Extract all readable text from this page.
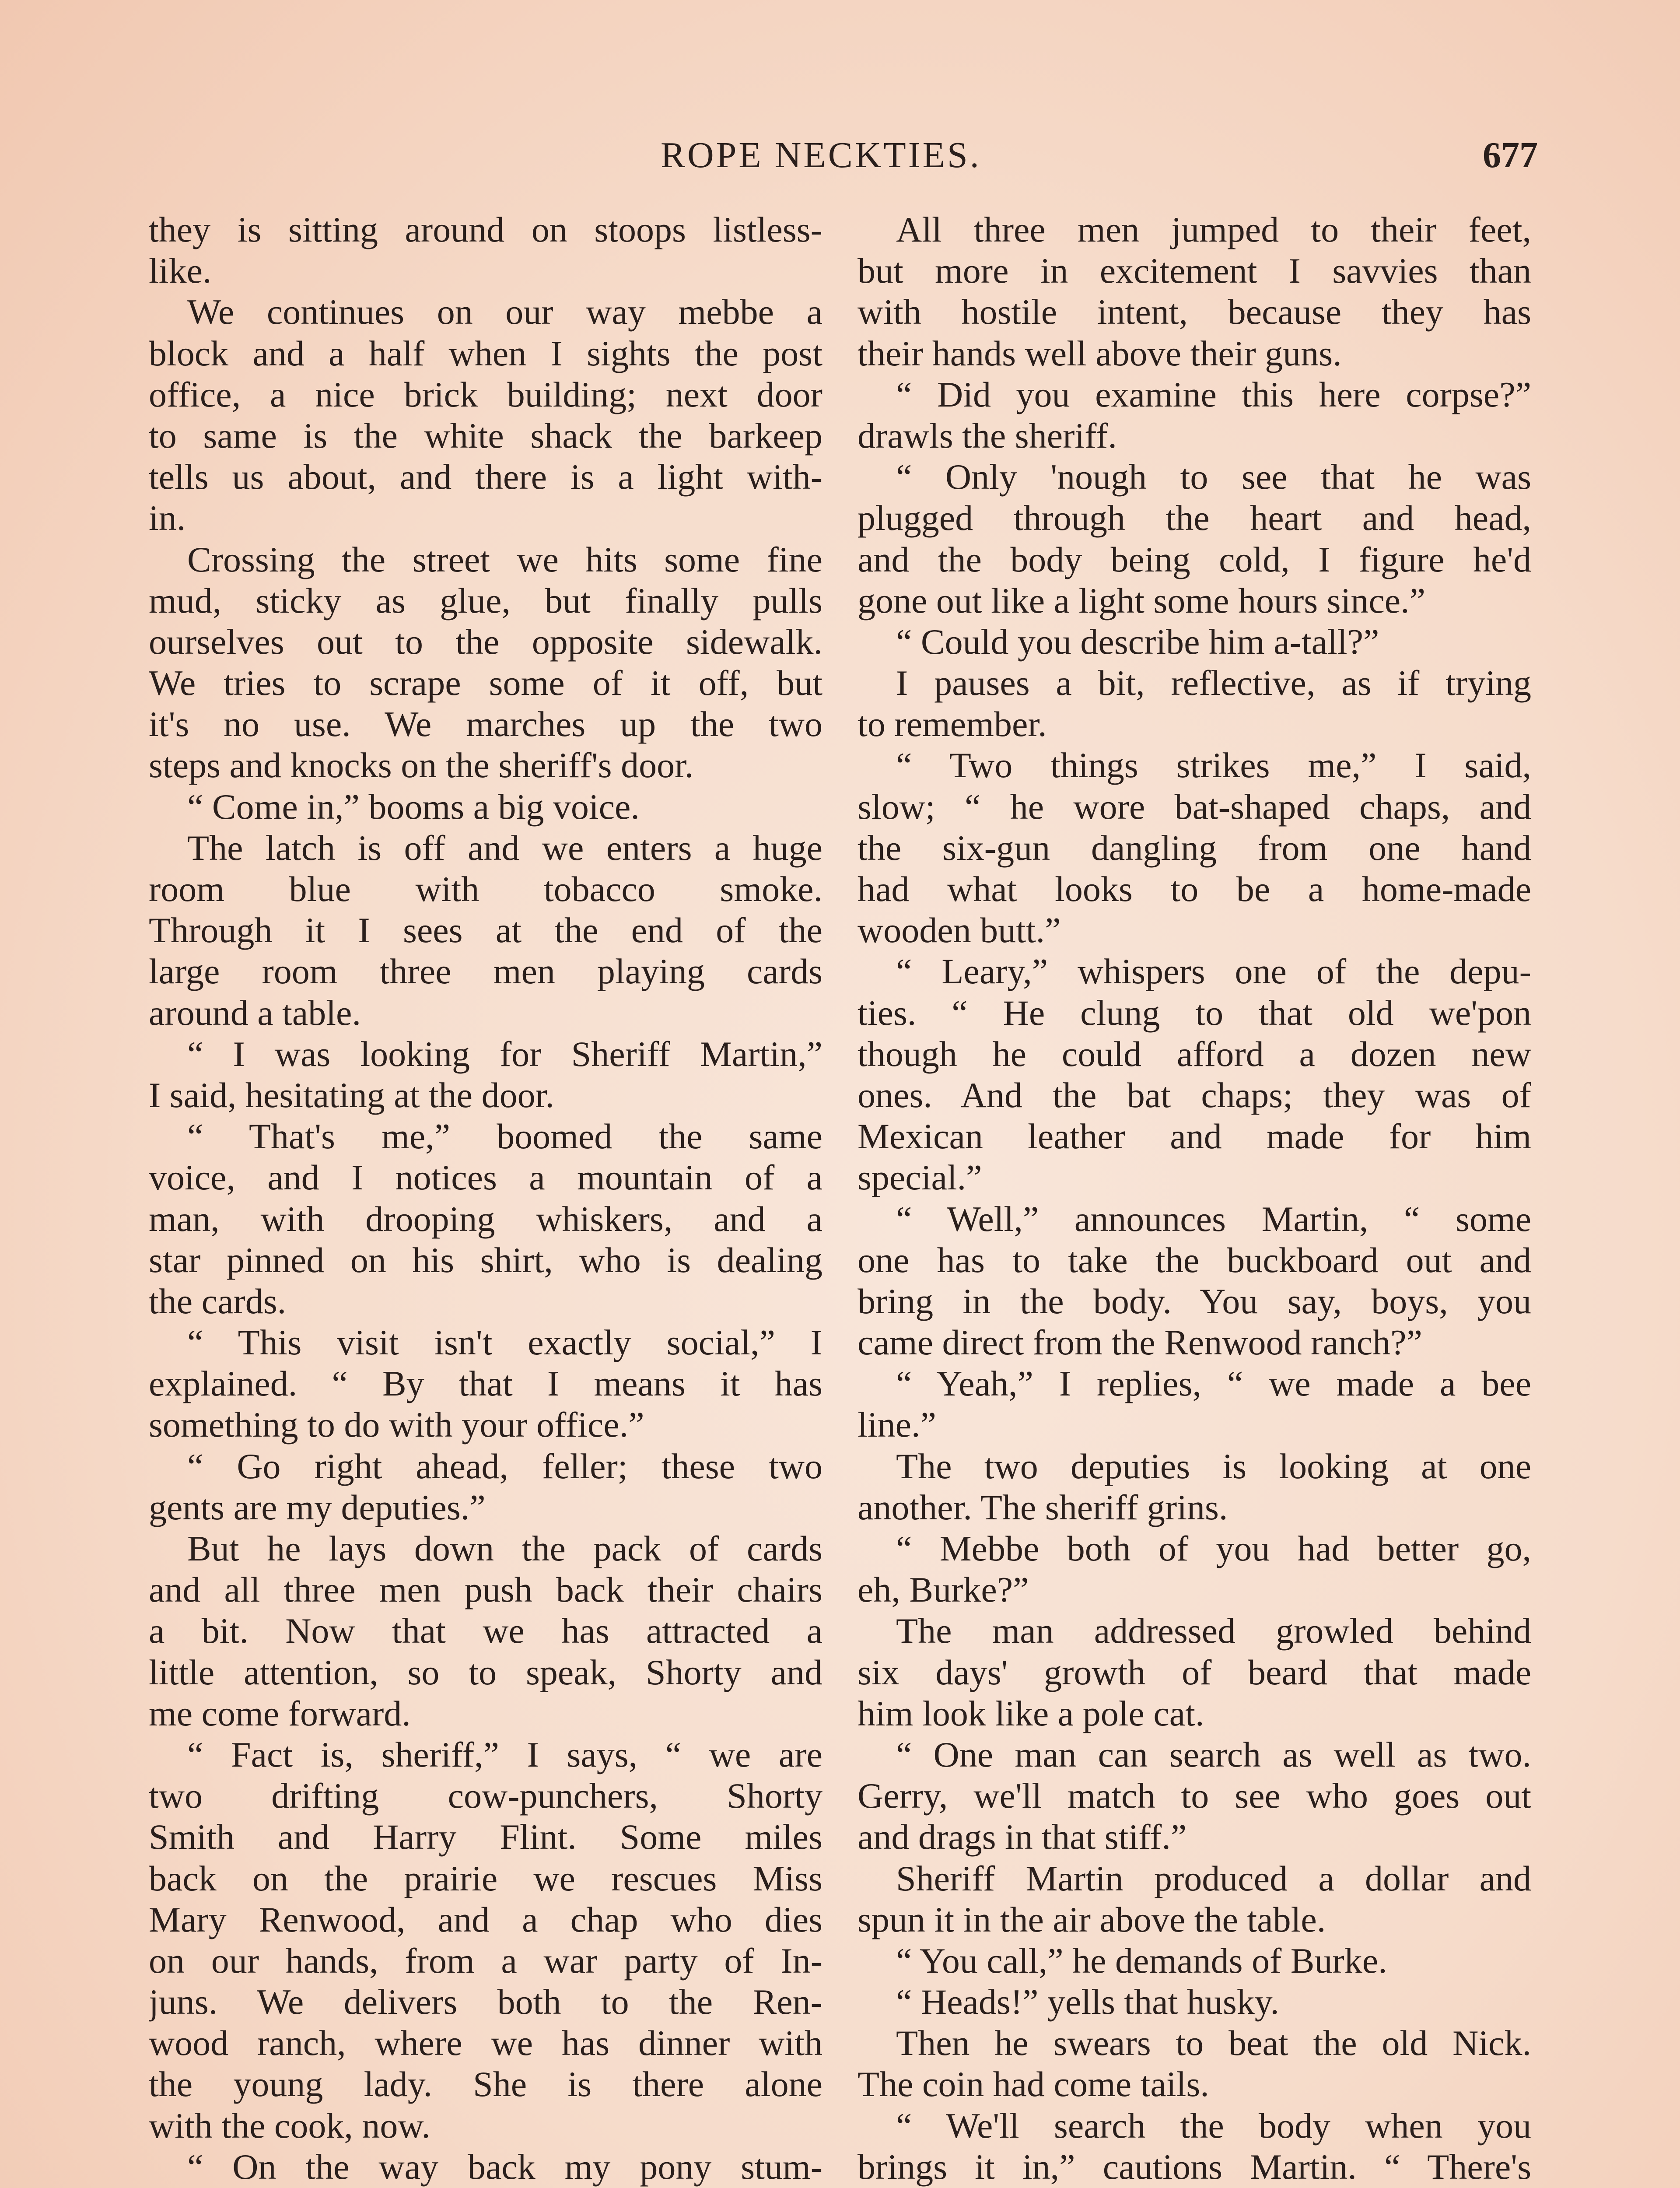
ROPE NECKTIES.	677
they is sitting around on stoops listless-
like.
We continues on our way mebbe a
block and a half when I sights the post
office, a nice brick building; next door
to same is the white shack the barkeep
tells us about, and there is a light with-
in.
Crossing the street we hits some fine
mud, sticky as glue, but finally pulls
ourselves out to the opposite sidewalk.
We tries to scrape some of it off, but
it's no use. We marches up the two
steps and knocks on the sheriff's door.
“ Come in,” booms a big voice.
The latch is off and we enters a huge
room blue with tobacco smoke.
Through it I sees at the end of the
large room three men playing cards
around a table.
“ I was looking for Sheriff Martin,”
I said, hesitating at the door.
“ That's me,” boomed the same
voice, and I notices a mountain of a
man, with drooping whiskers, and a
star pinned on his shirt, who is dealing
the cards.
“ This visit isn't exactly social,” I
explained. “ By that I means it has
something to do with your office.”
“ Go right ahead, feller; these two
gents are my deputies.”
But he lays down the pack of cards
and all three men push back their chairs
a bit. Now that we has attracted a
little attention, so to speak, Shorty and
me come forward.
“ Fact is, sheriff,” I says, “ we are
two drifting cow-punchers, Shorty
Smith and Harry Flint. Some miles
back on the prairie we rescues Miss
Mary Renwood, and a chap who dies
on our hands, from a war party of In-
juns. We delivers both to the Ren-
wood ranch, where we has dinner with
the young lady. She is there alone
with the cook, now.
“ On the way back my pony stum-
All three men jumped to their feet,
but more in excitement I savvies than
with hostile intent, because they has
their hands well above their guns.
“ Did you examine this here corpse?”
drawls the sheriff.
“ Only 'nough to see that he was
plugged through the heart and head,
and the body being cold, I figure he'd
gone out like a light some hours since.”
“ Could you describe him a-tall?”
I pauses a bit, reflective, as if trying
to remember.
“ Two things strikes me,” I said,
slow; “ he wore bat-shaped chaps, and
the six-gun dangling from one hand
had what looks to be a home-made
wooden butt.”
“ Leary,” whispers one of the depu-
ties. “ He clung to that old we'pon
though he could afford a dozen new
ones. And the bat chaps; they was of
Mexican leather and made for him
special.”
“ Well,” announces Martin, “ some
one has to take the buckboard out and
bring in the body. You say, boys, you
came direct from the Renwood ranch?”
“ Yeah,” I replies, “ we made a bee
line.”
The two deputies is looking at one
another. The sheriff grins.
“ Mebbe both of you had better go,
eh, Burke?”
The man addressed growled behind
six days' growth of beard that made
him look like a pole cat.
“ One man can search as well as two.
Gerry, we'll match to see who goes out
and drags in that stiff.”
Sheriff Martin produced a dollar and
spun it in the air above the table.
“ You call,” he demands of Burke.
“ Heads!” yells that husky.
Then he swears to beat the old Nick.
The coin had come tails.
“ We'll search the body when you
brings it in,” cautions Martin. “ There's
